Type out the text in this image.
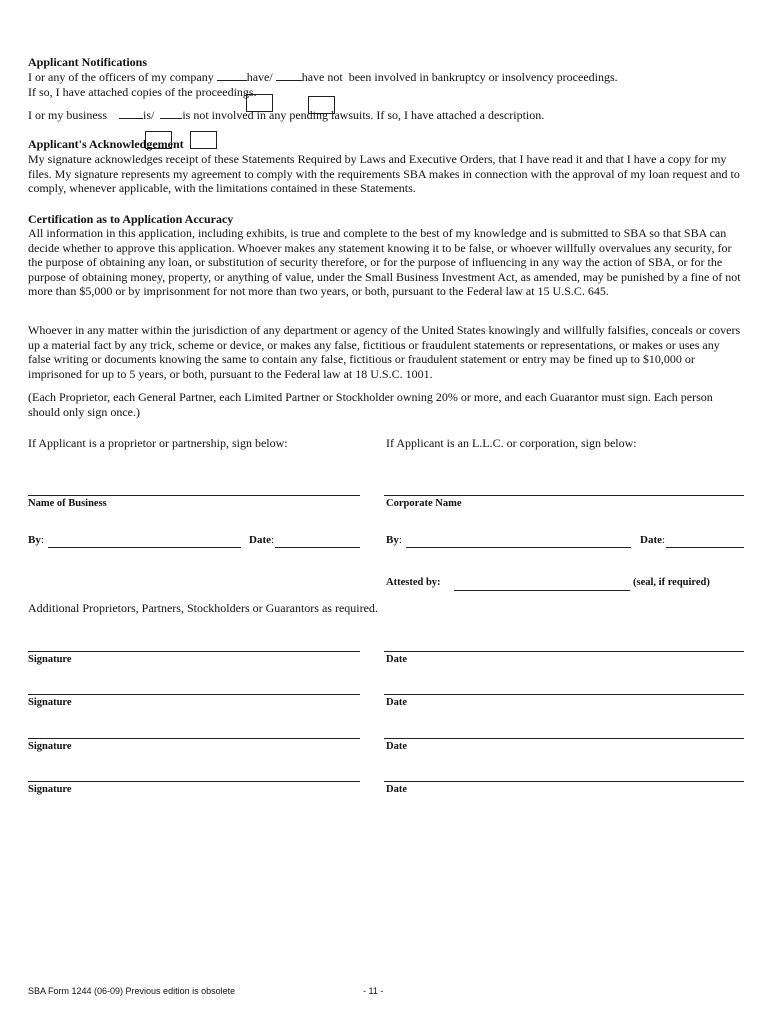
Applicant Notifications
I or any of the officers of my company	have/ have not been involved in bankruptcy or insolvency proceedings.
If so, I have attached copies of the proceedings.
I or my business	is/ is not involved in any pending lawsuits. If so, I have attached a description.
Applicant's Acknowledgement
My signature acknowledges receipt of these Statements Required by Laws and Executive Orders, that I have read it and that I have a copy for my files. My signature represents my agreement to comply with the requirements SBA makes in connection with the approval of my loan request and to comply, whenever applicable, with the limitations contained in these Statements.
Certification as to Application Accuracy
All information in this application, including exhibits, is true and complete to the best of my knowledge and is submitted to SBA so that SBA can decide whether to approve this application. Whoever makes any statement knowing it to be false, or whoever willfully overvalues any security, for the purpose of obtaining any loan, or substitution of security therefore, or for the purpose of influencing in any way the action of SBA, or for the purpose of obtaining money, property, or anything of value, under the Small Business Investment Act, as amended, may be punished by a fine of not more than $5,000 or by imprisonment for not more than two years, or both, pursuant to the Federal law at 15 U.S.C. 645.
Whoever in any matter within the jurisdiction of any department or agency of the United States knowingly and willfully falsifies, conceals or covers up a material fact by any trick, scheme or device, or makes any false, fictitious or fraudulent statements or representations, or makes or uses any false writing or documents knowing the same to contain any false, fictitious or fraudulent statement or entry may be fined up to $10,000 or imprisoned for up to 5 years, or both, pursuant to the Federal law at 18 U.S.C. 1001.
(Each Proprietor, each General Partner, each Limited Partner or Stockholder owning 20% or more, and each Guarantor must sign. Each person should only sign once.)
If Applicant is a proprietor or partnership, sign below:	If Applicant is an L.L.C. or corporation, sign below:
Name of Business	Corporate Name
By:	Date:	By:	Date:
Attested by:	(seal, if required)
Additional Proprietors, Partners, Stockholders or Guarantors as required.
Signature	Date
Signature	Date
Signature	Date
Signature	Date
SBA Form 1244 (06-09) Previous edition is obsolete	- 11 -
